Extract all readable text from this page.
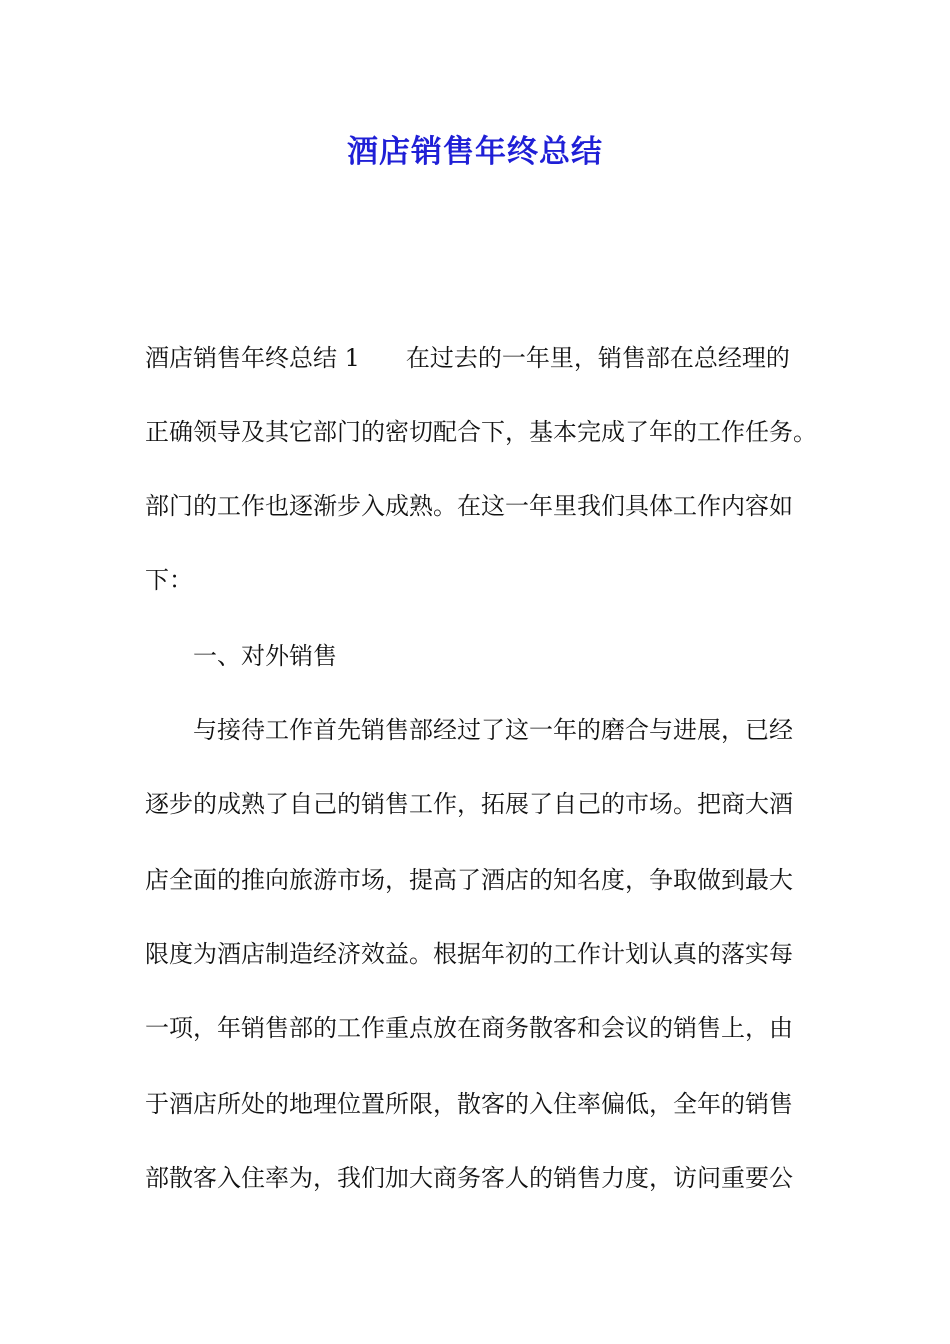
酒店销售年终总结
酒店销售年终总结 1 在过去的一年里，销售部在总经理的
正确领导及其它部门的密切配合下，基本完成了年的工作任务。
部门的工作也逐渐步入成熟。在这一年里我们具体工作内容如
下：
　　一、对外销售
　　与接待工作首先销售部经过了这一年的磨合与进展，已经
逐步的成熟了自己的销售工作，拓展了自己的市场。把商大酒
店全面的推向旅游市场，提高了酒店的知名度，争取做到最大
限度为酒店制造经济效益。根据年初的工作计划认真的落实每
一项，年销售部的工作重点放在商务散客和会议的销售上，由
于酒店所处的地理位置所限，散客的入住率偏低，全年的销售
部散客入住率为，我们加大商务客人的销售力度，访问重要公
